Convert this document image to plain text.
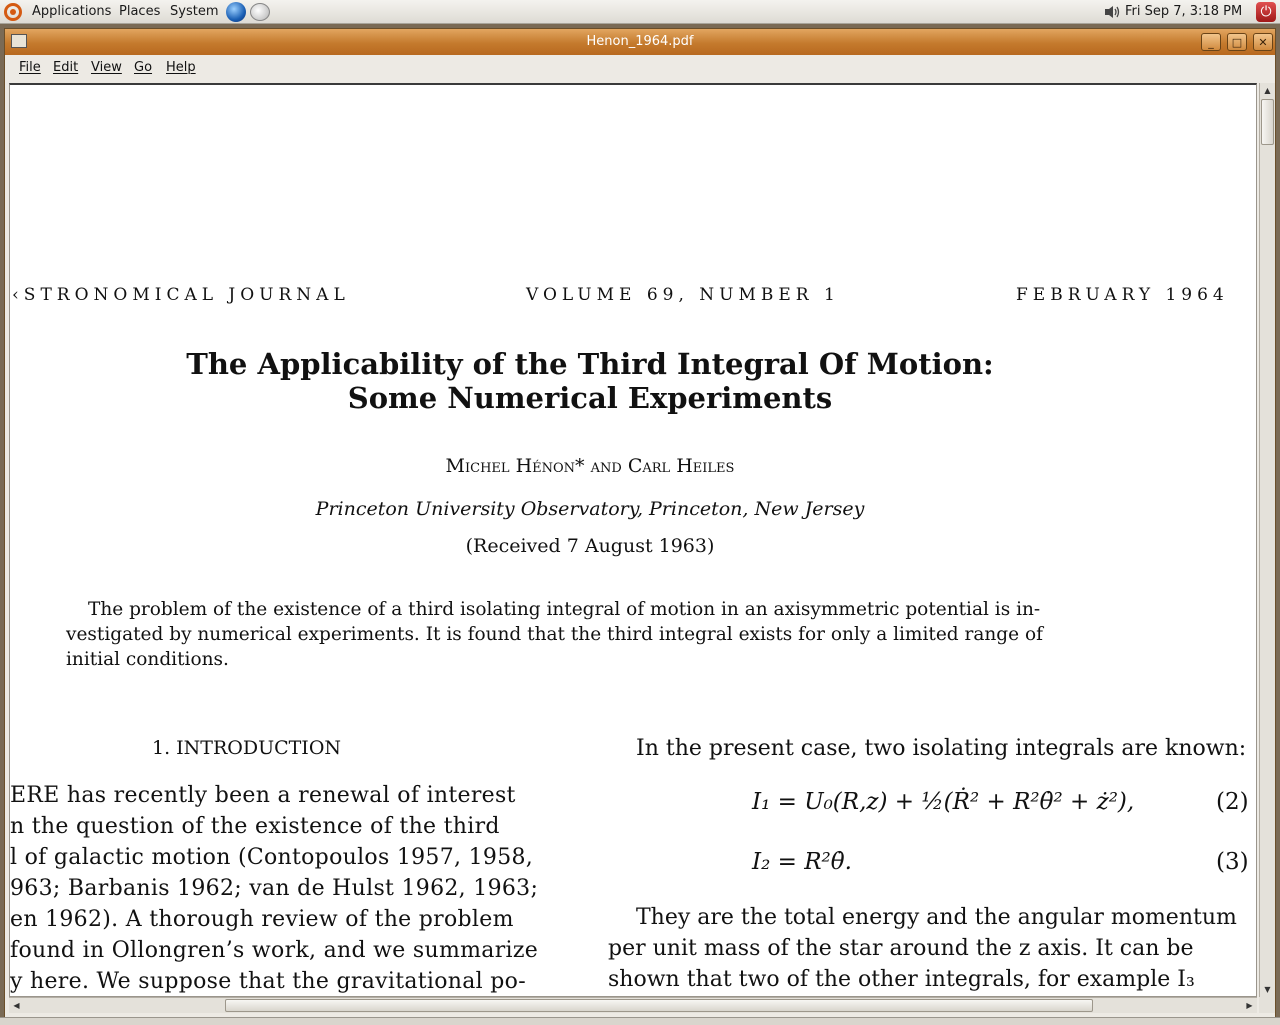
Applications Places System	Fri Sep 7, 3:18 PM	⏻
Henon_1964.pdf	_	□	✕
File Edit View Go Help
‹STRONOMICAL JOURNAL	VOLUME 69, NUMBER 1	FEBRUARY 1964
The Applicability of the Third Integral Of Motion:
Some Numerical Experiments
Michel Hénon* and Carl Heiles
Princeton University Observatory, Princeton, New Jersey
(Received 7 August 1963)
The problem of the existence of a third isolating integral of motion in an axisymmetric potential is in-
vestigated by numerical experiments. It is found that the third integral exists for only a limited range of
initial conditions.
1. INTRODUCTION
ERE has recently been a renewal of interest
n the question of the existence of the third
l of galactic motion (Contopoulos 1957, 1958,
963; Barbanis 1962; van de Hulst 1962, 1963;
en 1962). A thorough review of the problem
found in Ollongren’s work, and we summarize
y here. We suppose that the gravitational po-
In the present case, two isolating integrals are known:
I₁ = U₀(R,z) + ½(Ṙ² + R²θ̇² + ż²),	(2)
I₂ = R²θ̇.	(3)
They are the total energy and the angular momentum
per unit mass of the star around the z axis. It can be
shown that two of the other integrals, for example I₃
▲
▼
◀	▶
